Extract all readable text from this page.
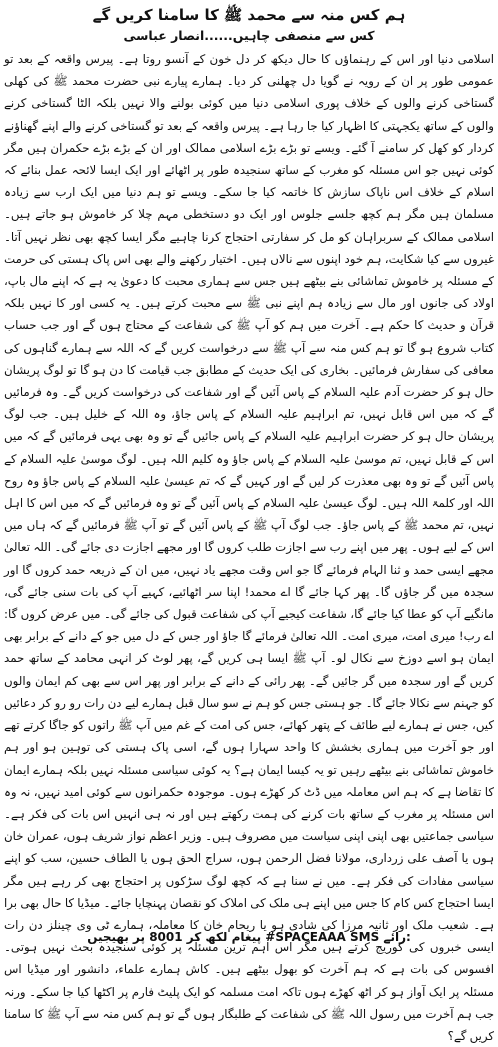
ہم کس منہ سے محمد ﷺ کا سامنا کریں گے
کس سے منصفی چاہیں......انصار عباسی

اسلامی دنیا اور اس کے رہنماؤں کا حال دیکھ کر دل خون کے آنسو روتا ہے۔ پیرس واقعہ کے بعد تو عمومی طور پر ان کے رویہ نے گویا دل چھلنی کر دیا۔ ہمارے پیارے نبی حضرت محمد ﷺ کی کھلی گستاخی کرنے والوں کے خلاف پوری اسلامی دنیا میں کوئی بولنے والا نہیں بلکہ الٹا گستاخی کرنے والوں کے ساتھ یکجہتی کا اظہار کیا جا رہا ہے۔ پیرس واقعہ کے بعد تو گستاخی کرنے والے اپنے گھناؤنے کردار کو کھل کر سامنے آ گئے۔ ویسے تو بڑے بڑے اسلامی ممالک اور ان کے بڑے بڑے حکمران ہیں مگر کوئی نہیں جو اس مسئلہ کو مغرب کے ساتھ سنجیدہ طور پر اٹھائے اور ایک ایسا لائحہ عمل بنائے کہ اسلام کے خلاف اس ناپاک سازش کا خاتمہ کیا جا سکے۔ ویسے تو ہم دنیا میں ایک ارب سے زیادہ مسلمان ہیں مگر ہم کچھ جلسے جلوس اور ایک دو دستخطی مہم چلا کر خاموش ہو جاتے ہیں۔ اسلامی ممالک کے سربراہان کو مل کر سفارتی احتجاج کرنا چاہیے مگر ایسا کچھ بھی نظر نہیں آتا۔ غیروں سے کیا شکایت، ہم خود اپنوں سے نالاں ہیں۔ اختیار رکھنے والے بھی اس پاک ہستی کی حرمت کے مسئلہ پر خاموش تماشائی بنے بیٹھے ہیں جس سے ہماری محبت کا دعویٰ یہ ہے کہ اپنے مال باپ، اولاد کی جانوں اور مال سے زیادہ ہم اپنے نبی ﷺ سے محبت کرتے ہیں۔ یہ کسی اور کا نہیں بلکہ قرآن و حدیث کا حکم ہے۔ آخرت میں ہم کو آپ ﷺ کی شفاعت کے محتاج ہوں گے اور جب حساب کتاب شروع ہو گا تو ہم کس منہ سے آپ ﷺ سے درخواست کریں گے کہ اللہ سے ہمارے گناہوں کی معافی کی سفارش فرمائیں۔ بخاری کی ایک حدیث کے مطابق جب قیامت کا دن ہو گا تو لوگ پریشان حال ہو کر حضرت آدم علیہ السلام کے پاس آئیں گے اور شفاعت کی درخواست کریں گے۔ وہ فرمائیں گے کہ میں اس قابل نہیں، تم ابراہیم علیہ السلام کے پاس جاؤ، وہ اللہ کے خلیل ہیں۔ جب لوگ پریشان حال ہو کر حضرت ابراہیم علیہ السلام کے پاس جائیں گے تو وہ بھی یہی فرمائیں گے کہ میں اس کے قابل نہیں، تم موسیٰ علیہ السلام کے پاس جاؤ وہ کلیم اللہ ہیں۔ لوگ موسیٰ علیہ السلام کے پاس آئیں گے تو وہ بھی معذرت کر لیں گے اور کہیں گے کہ تم عیسیٰ علیہ السلام کے پاس جاؤ وہ روح اللہ اور کلمۃ اللہ ہیں۔ لوگ عیسیٰ علیہ السلام کے پاس آئیں گے تو وہ فرمائیں گے کہ میں اس کا اہل نہیں، تم محمد ﷺ کے پاس جاؤ۔ جب لوگ آپ ﷺ کے پاس آئیں گے تو آپ ﷺ فرمائیں گے کہ ہاں میں اس کے لیے ہوں۔ پھر میں اپنے رب سے اجازت طلب کروں گا اور مجھے اجازت دی جائے گی۔ اللہ تعالیٰ مجھے ایسی حمد و ثنا الہام فرمائے گا جو اس وقت مجھے یاد نہیں، میں ان کے ذریعہ حمد کروں گا اور سجدہ میں گر جاؤں گا۔ پھر کہا جائے گا اے محمد! اپنا سر اٹھائیے، کہیے آپ کی بات سنی جائے گی، مانگیے آپ کو عطا کیا جائے گا، شفاعت کیجیے آپ کی شفاعت قبول کی جائے گی۔ میں عرض کروں گا: اے رب! میری امت، میری امت۔ اللہ تعالیٰ فرمائے گا جاؤ اور جس کے دل میں جو کے دانے کے برابر بھی ایمان ہو اسے دوزخ سے نکال لو۔ آپ ﷺ ایسا ہی کریں گے، پھر لوٹ کر انہی محامد کے ساتھ حمد کریں گے اور سجدہ میں گر جائیں گے۔ پھر رائی کے دانے کے برابر اور پھر اس سے بھی کم ایمان والوں کو جہنم سے نکالا جائے گا۔ جو ہستی جس کو ہم نے سو سال قبل ہمارے لیے دن رات رو رو کر دعائیں کیں، جس نے ہمارے لیے طائف کے پتھر کھائے، جس کی امت کے غم میں آپ ﷺ راتوں کو جاگا کرتے تھے اور جو آخرت میں ہماری بخشش کا واحد سہارا ہوں گے، اسی پاک ہستی کی توہین ہو اور ہم خاموش تماشائی بنے بیٹھے رہیں تو یہ کیسا ایمان ہے؟ یہ کوئی سیاسی مسئلہ نہیں بلکہ ہمارے ایمان کا تقاضا ہے کہ ہم اس معاملہ میں ڈٹ کر کھڑے ہوں۔ موجودہ حکمرانوں سے کوئی امید نہیں، نہ وہ اس مسئلہ پر مغرب کے ساتھ بات کرنے کی ہمت رکھتے ہیں اور نہ ہی انہیں اس بات کی فکر ہے۔ سیاسی جماعتیں بھی اپنی اپنی سیاست میں مصروف ہیں۔ وزیر اعظم نواز شریف ہوں، عمران خان ہوں یا آصف علی زرداری، مولانا فضل الرحمن ہوں، سراج الحق ہوں یا الطاف حسین، سب کو اپنے سیاسی مفادات کی فکر ہے۔ میں نے سنا ہے کہ کچھ لوگ سڑکوں پر احتجاج بھی کر رہے ہیں مگر ایسا احتجاج کس کام کا جس میں اپنے ہی ملک کی املاک کو نقصان پہنچایا جائے۔ میڈیا کا حال بھی برا ہے۔ شعیب ملک اور ثانیہ مرزا کی شادی ہو یا ریحام خان کا معاملہ، ہمارے ٹی وی چینلز دن رات ایسی خبروں کی کوریج کرتے ہیں مگر اس اہم ترین مسئلہ پر کوئی سنجیدہ بحث نہیں ہوتی۔ افسوس کی بات ہے کہ ہم آخرت کو بھول بیٹھے ہیں۔ کاش ہمارے علماء، دانشور اور میڈیا اس مسئلہ پر ایک آواز ہو کر اٹھ کھڑے ہوں تاکہ امت مسلمہ کو ایک پلیٹ فارم پر اکٹھا کیا جا سکے۔ ورنہ جب ہم آخرت میں رسول اللہ ﷺ کی شفاعت کے طلبگار ہوں گے تو ہم کس منہ سے آپ ﷺ کا سامنا کریں گے؟

SMS رائے: #SPACEAAA پیغام لکھ کر 8001 پر بھیجیں
